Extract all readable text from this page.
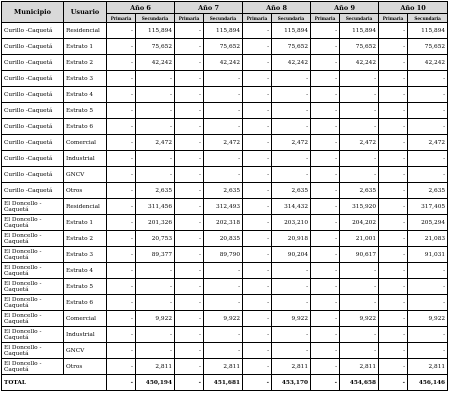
Municipio	Usuario	Año 6		Año 7		Año 8		Año 9		Año 10	
		Primaria	Secundaria	Primaria	Secundaria	Primaria	Secundaria	Primaria	Secundaria	Primaria	Secundaria
Curillo -Caquetá	Residencial	-	115,894	-	115,894	-	115,894	-	115,894	-	115,894
Curillo -Caquetá	Estrato 1	-	75,652	-	75,652	-	75,652	-	75,652	-	75,652
Curillo -Caquetá	Estrato 2	-	42,242	-	42,242	-	42,242	-	42,242	-	42,242
Curillo -Caquetá	Estrato 3	-	-	-	-	-	-	-	-	-	-
Curillo -Caquetá	Estrato 4	-	-	-	-	-	-	-	-	-	-
Curillo -Caquetá	Estrato 5	-	-	-	-	-	-	-	-	-	-
Curillo -Caquetá	Estrato 6	-	-	-	-	-	-	-	-	-	-
Curillo -Caquetá	Comercial	-	2,472	-	2,472	-	2,472	-	2,472	-	2,472
Curillo -Caquetá	Industrial	-	-	-	-	-	-	-	-	-	-
Curillo -Caquetá	GNCV	-	-	-	-	-	-	-	-	-	-
Curillo -Caquetá	Otros	-	2,635	-	2,635	-	2,635	-	2,635	-	2,635
El Doncello - Caquetá	Residencial	-	311,456	-	312,493	-	314,432	-	315,920	-	317,405
El Doncello - Caquetá	Estrato 1	-	201,326	-	202,318	-	203,210	-	204,202	-	205,294
El Doncello - Caquetá	Estrato 2	-	20,753	-	20,835	-	20,918	-	21,001	-	21,083
El Doncello - Caquetá	Estrato 3	-	89,377	-	89,790	-	90,204	-	90,617	-	91,031
El Doncello - Caquetá	Estrato 4	-	-	-	-	-	-	-	-	-	-
El Doncello - Caquetá	Estrato 5	-	-	-	-	-	-	-	-	-	-
El Doncello - Caquetá	Estrato 6	-	-	-	-	-	-	-	-	-	-
El Doncello - Caquetá	Comercial	-	9,922	-	9,922	-	9,922	-	9,922	-	9,922
El Doncello - Caquetá	Industrial	-	-	-	-	-	-	-	-	-	-
El Doncello - Caquetá	GNCV	-	-	-	-	-	-	-	-	-	-
El Doncello - Caquetá	Otros	-	2,811	-	2,811	-	2,811	-	2,811	-	2,811
TOTAL		-	450,194	-	451,681	-	453,170	-	454,658	-	456,146
